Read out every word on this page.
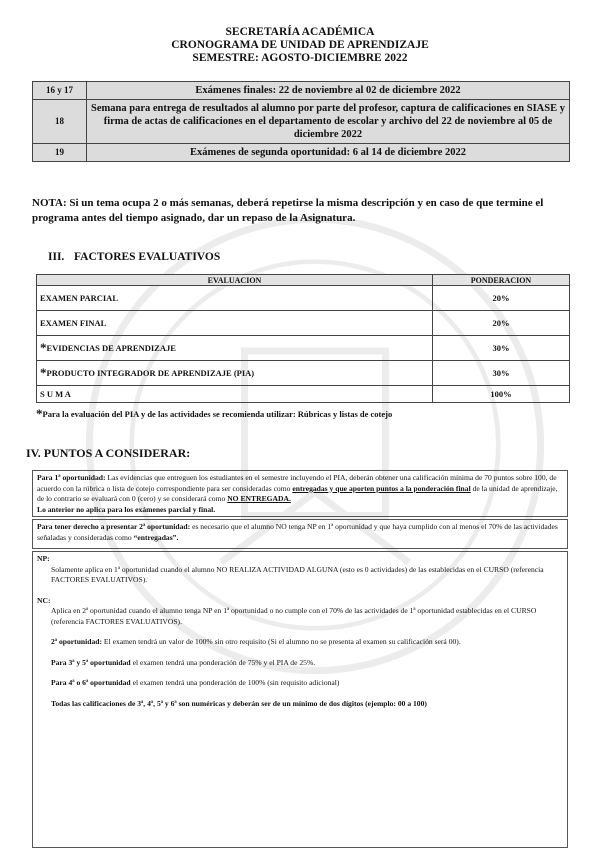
SECRETARÍA ACADÉMICA
CRONOGRAMA DE UNIDAD DE APRENDIZAJE
SEMESTRE: AGOSTO-DICIEMBRE 2022
16 y 17	Exámenes finales: 22 de noviembre al 02 de diciembre 2022
18	Semana para entrega de resultados al alumno por parte del profesor, captura de calificaciones en SIASE y firma de actas de calificaciones en el departamento de escolar y archivo del 22 de noviembre al 05 de diciembre 2022
19	Exámenes de segunda oportunidad: 6 al 14 de diciembre 2022
NOTA: Si un tema ocupa 2 o más semanas, deberá repetirse la misma descripción y en caso de que termine el programa antes del tiempo asignado, dar un repaso de la Asignatura.
III. FACTORES EVALUATIVOS
EVALUACION	PONDERACION
EXAMEN PARCIAL	20%
EXAMEN FINAL	20%
*EVIDENCIAS DE APRENDIZAJE	30%
*PRODUCTO INTEGRADOR DE APRENDIZAJE (PIA)	30%
S U M A	100%
*Para la evaluación del PIA y de las actividades se recomienda utilizar: Rúbricas y listas de cotejo
IV. PUNTOS A CONSIDERAR:
Para 1ª oportunidad: Las evidencias que entreguen los estudiantes en el semestre incluyendo el PIA, deberán obtener una calificación mínima de 70 puntos sobre 100, de acuerdo con la rúbrica o lista de cotejo correspondiente para ser consideradas como entregadas y que aporten puntos a la ponderación final de la unidad de aprendizaje, de lo contrario se evaluará con 0 (cero) y se considerará como NO ENTREGADA.
Lo anterior no aplica para los exámenes parcial y final.
Para tener derecho a presentar 2ª oportunidad: es necesario que el alumno NO tenga NP en 1ª oportunidad y que haya cumplido con al menos el 70% de las actividades señaladas y consideradas como “entregadas”.
NP:
Solamente aplica en 1ª oportunidad cuando el alumno NO REALIZA ACTIVIDAD ALGUNA (esto es 0 actividades) de las establecidas en el CURSO (referencia FACTORES EVALUATIVOS).
NC:
Aplica en 2ª oportunidad cuando el alumno tenga NP en 1ª oportunidad o no cumple con el 70% de las actividades de 1ª oportunidad establecidas en el CURSO (referencia FACTORES EVALUATIVOS).
2ª oportunidad: El examen tendrá un valor de 100% sin otro requisito (Si el alumno no se presenta al examen su calificación será 00).
Para 3ª y 5ª oportunidad el examen tendrá una ponderación de 75% y el PIA de 25%.
Para 4ª o 6ª oportunidad el examen tendrá una ponderación de 100% (sin requisito adicional)
Todas las calificaciones de 3ª, 4ª, 5ª y 6ª son numéricas y deberán ser de un mínimo de dos dígitos (ejemplo: 00 a 100)
